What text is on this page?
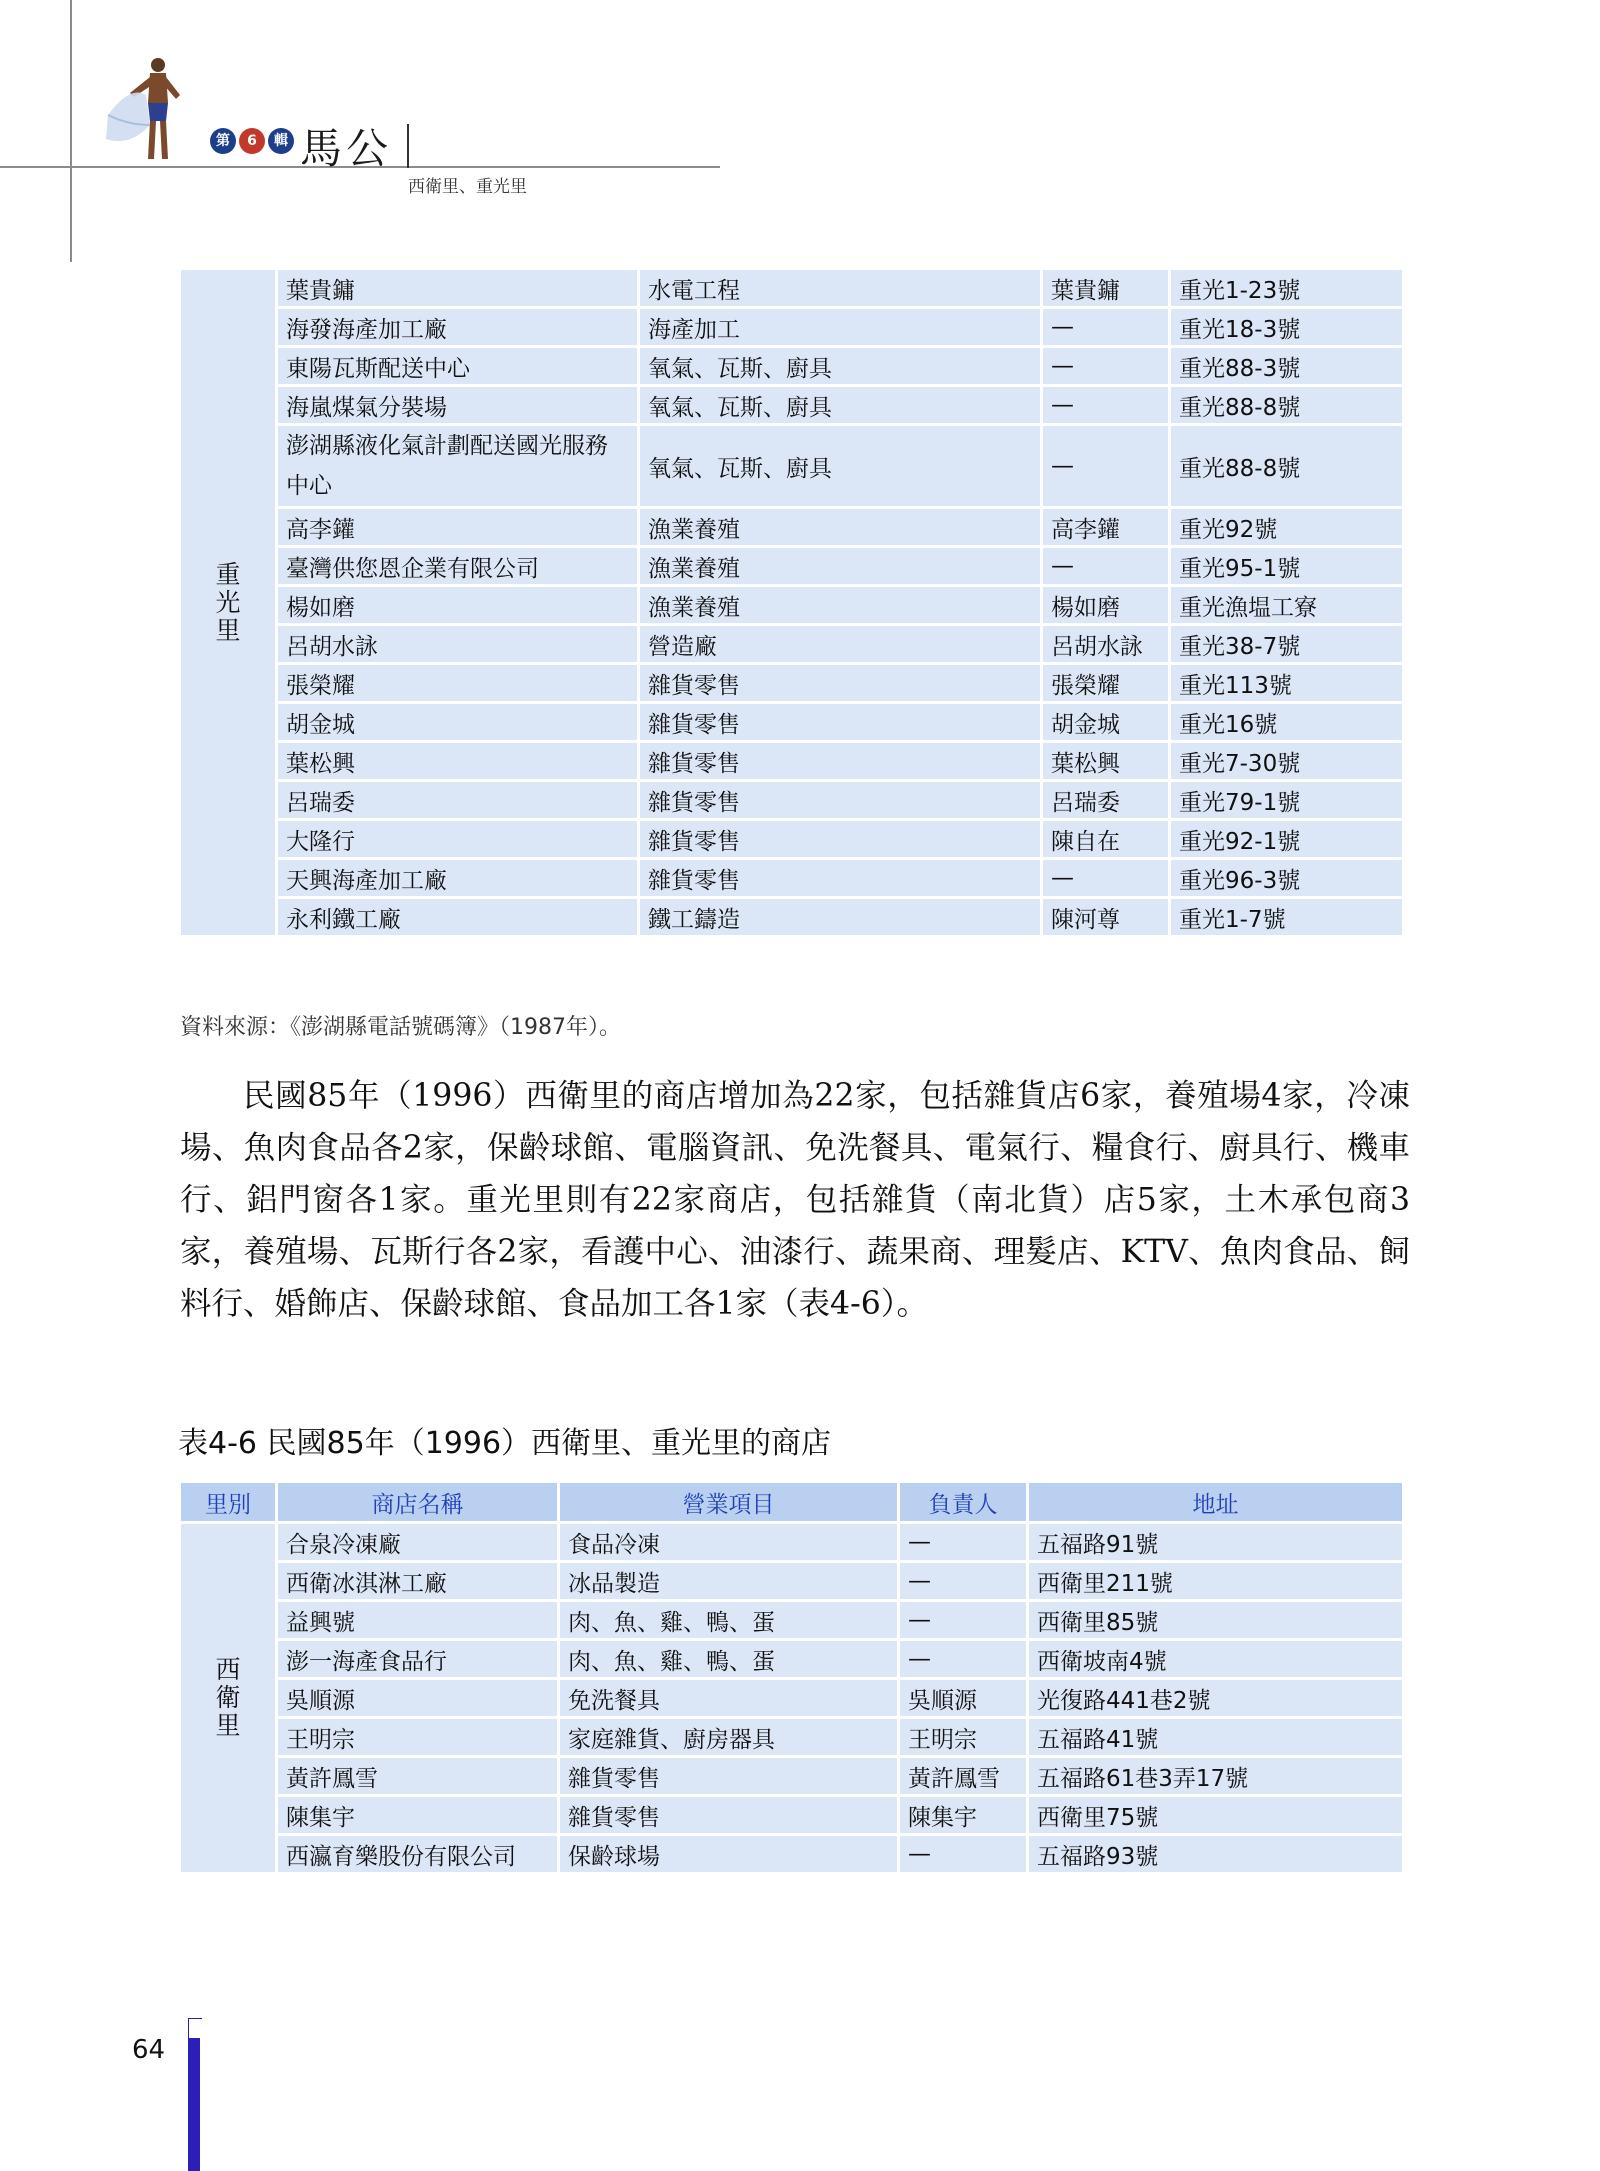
第	6	輯 馬公
西衛里、重光里
重光里	葉貴鏞	水電工程	葉貴鏞	重光1-23號
	海發海產加工廠	海產加工	—	重光18-3號
	東陽瓦斯配送中心	氧氣、瓦斯、廚具	—	重光88-3號
	海嵐煤氣分裝場	氧氣、瓦斯、廚具	—	重光88-8號
	澎湖縣液化氣計劃配送國光服務中心	氧氣、瓦斯、廚具	—	重光88-8號
	高李鑵	漁業養殖	高李鑵	重光92號
	臺灣供您恩企業有限公司	漁業養殖	—	重光95-1號
	楊如磨	漁業養殖	楊如磨	重光漁塭工寮
	呂胡水詠	營造廠	呂胡水詠	重光38-7號
	張榮耀	雜貨零售	張榮耀	重光113號
	胡金城	雜貨零售	胡金城	重光16號
	葉松興	雜貨零售	葉松興	重光7-30號
	呂瑞委	雜貨零售	呂瑞委	重光79-1號
	大隆行	雜貨零售	陳自在	重光92-1號
	天興海產加工廠	雜貨零售	—	重光96-3號
	永利鐵工廠	鐵工鑄造	陳河尊	重光1-7號
資料來源：《澎湖縣電話號碼簿》（1987年）。

民國85年（1996）西衛里的商店增加為22家，包括雜貨店6家，養殖場4家，冷凍場、魚肉食品各2家，保齡球館、電腦資訊、免洗餐具、電氣行、糧食行、廚具行、機車行、鋁門窗各1家。重光里則有22家商店，包括雜貨（南北貨）店5家，土木承包商3家，養殖場、瓦斯行各2家，看護中心、油漆行、蔬果商、理髮店、KTV、魚肉食品、飼料行、婚飾店、保齡球館、食品加工各1家（表4-6）。

表4-6 民國85年（1996）西衛里、重光里的商店
里別	商店名稱	營業項目	負責人	地址
西衛里	合泉冷凍廠	食品冷凍	—	五福路91號
	西衛冰淇淋工廠	冰品製造	—	西衛里211號
	益興號	肉、魚、雞、鴨、蛋	—	西衛里85號
	澎一海產食品行	肉、魚、雞、鴨、蛋	—	西衛坡南4號
	吳順源	免洗餐具	吳順源	光復路441巷2號
	王明宗	家庭雜貨、廚房器具	王明宗	五福路41號
	黃許鳳雪	雜貨零售	黃許鳳雪	五福路61巷3弄17號
	陳集宇	雜貨零售	陳集宇	西衛里75號
	西瀛育樂股份有限公司	保齡球場	—	五福路93號
64
